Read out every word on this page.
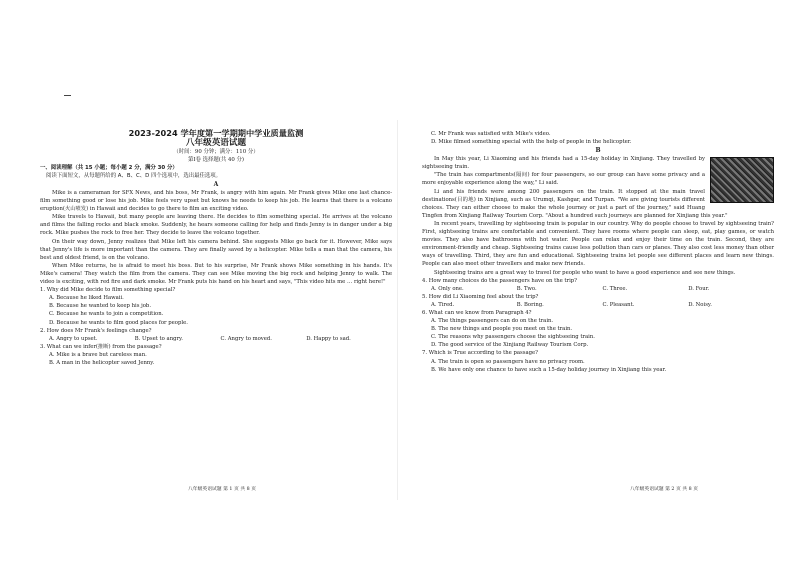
2023-2024 学年度第一学期期中学业质量监测
八年级英语试题
（时间：90 分钟；满分：110 分）
第Ⅰ卷 选择题(共 40 分)
一、阅读理解（共 15 小题；每小题 2 分，满分 30 分）
阅读下面短文，从每题所给的 A、B、C、D 四个选项中，选出最佳选项。
A

Mike is a cameraman for SFX News, and his boss, Mr Frank, is angry with him again. Mr Frank gives Mike one last chance-film something good or lose his job. Mike feels very upset but knows he needs to keep his job. He learns that there is a volcano eruption(火山喷发) in Hawaii and decides to go there to film an exciting video.

Mike travels to Hawaii, but many people are leaving there. He decides to film something special. He arrives at the volcano and films the falling rocks and black smoke. Suddenly, he hears someone calling for help and finds Jenny is in danger under a big rock. Mike pushes the rock to free her. They decide to leave the volcano together.

On their way down, Jenny realizes that Mike left his camera behind. She suggests Mike go back for it. However, Mike says that Jenny's life is more important than the camera. They are finally saved by a helicopter. Mike tells a man that the camera, his best and oldest friend, is on the volcano.

When Mike returns, he is afraid to meet his boss. But to his surprise, Mr Frank shows Mike something in his hands. It's Mike's camera! They watch the film from the camera. They can see Mike moving the big rock and helping Jenny to walk. The video is exciting, with red fire and dark smoke. Mr Frank puts his hand on his heart and says, "This video hits me … right here!"

1. Why did Mike decide to film something special?
A. Because he liked Hawaii.
B. Because he wanted to keep his job.
C. Because he wants to join a competition.
D. Because he wants to film good places for people.
2. How does Mr Frank's feelings change?
A. Angry to upset.	B. Upset to angry.	C. Angry to moved.	D. Happy to sad.
3. What can we infer(推断) from the passage?
A. Mike is a brave but careless man.
B. A man in the helicopter saved Jenny.
C. Mr Frank was satisfied with Mike's video.
D. Mike filmed something special with the help of people in the helicopter.
B

In May this year, Li Xiaoming and his friends had a 15-day holiday in Xinjiang. They travelled by sightseeing train.

"The train has compartments(隔间) for four passengers, so our group can have some privacy and a more enjoyable experience along the way," Li said.

Li and his friends were among 200 passengers on the train. It stopped at the main travel destinations(目的地) in Xinjiang, such as Urumqi, Kashgar, and Turpan. "We are giving tourists different choices. They can either choose to make the whole journey or just a part of the journey," said Huang Tingfen from Xinjiang Railway Tourism Corp. "About a hundred such journeys are planned for Xinjiang this year."

In recent years, travelling by sightseeing train is popular in our country. Why do people choose to travel by sightseeing train? First, sightseeing trains are comfortable and convenient. They have rooms where people can sleep, eat, play games, or watch movies. They also have bathrooms with hot water. People can relax and enjoy their time on the train. Second, they are environment-friendly and cheap. Sightseeing trains cause less pollution than cars or planes. They also cost less money than other ways of travelling. Third, they are fun and educational. Sightseeing trains let people see different places and learn new things. People can also meet other travellers and make new friends.

Sightseeing trains are a great way to travel for people who want to have a good experience and see new things.

4. How many choices do the passengers have on the trip?
A. Only one.	B. Two.	C. Three.	D. Four.
5. How did Li Xiaoming feel about the trip?
A. Tired.	B. Boring.	C. Pleasant.	D. Noisy.
6. What can we know from Paragraph 4?
A. The things passengers can do on the train.
B. The new things and people you meet on the train.
C. The reasons why passengers choose the sightseeing train.
D. The good service of the Xinjiang Railway Tourism Corp.
7. Which is True according to the passage?
A. The train is open so passengers have no privacy room.
B. We have only one chance to have such a 15-day holiday journey in Xinjiang this year.
八年级英语试题 第 1 页 共 8 页	八年级英语试题 第 2 页 共 8 页
